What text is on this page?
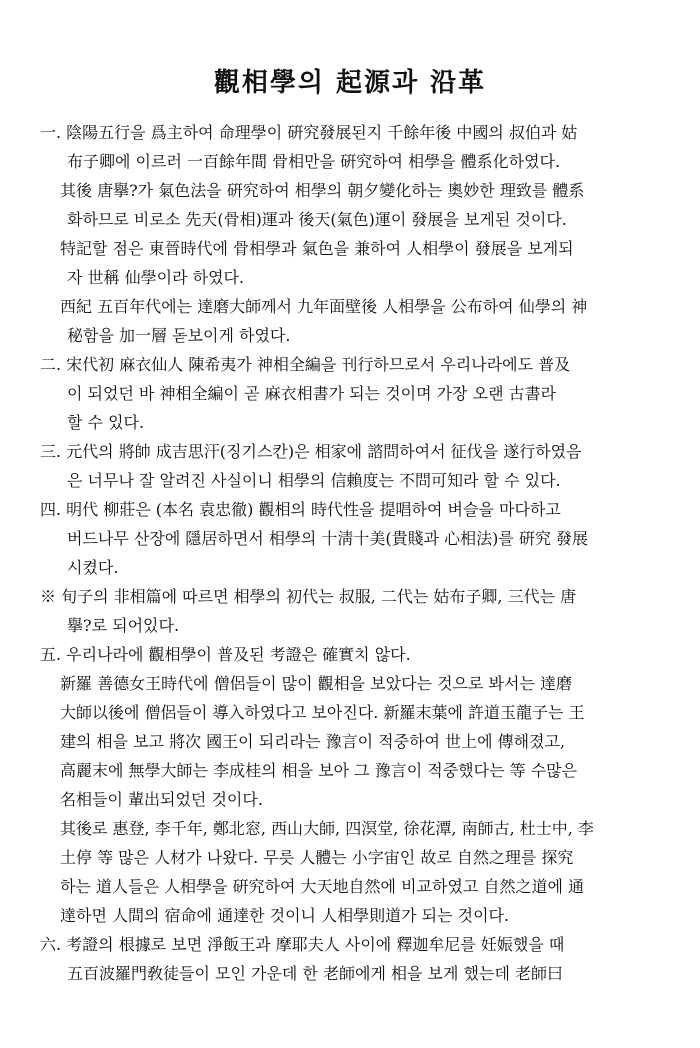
觀相學의 起源과 沿革
一. 陰陽五行을 爲主하여 命理學이 硏究發展된지 千餘年後 中國의 叔伯과 姑
布子卿에 이르러 一百餘年間 骨相만을 硏究하여 相學을 體系化하였다.
其後 唐擧?가 氣色法을 硏究하여 相學의 朝夕變化하는 奧妙한 理致를 體系
화하므로 비로소 先天(骨相)運과 後天(氣色)運이 發展을 보게된 것이다.
特記할 점은 東晉時代에 骨相學과 氣色을 兼하여 人相學이 發展을 보게되
자 世稱 仙學이라 하였다.
西紀 五百年代에는 達磨大師께서 九年面壁後 人相學을 公布하여 仙學의 神
秘함을 加一層 돋보이게 하였다.
二. 宋代初 麻衣仙人 陳希夷가 神相全編을 刊行하므로서 우리나라에도 普及
이 되었던 바 神相全編이 곧 麻衣相書가 되는 것이며 가장 오랜 古書라
할 수 있다.
三. 元代의 將帥 成吉思汗(징기스칸)은 相家에 諮問하여서 征伐을 遂行하였음
은 너무나 잘 알려진 사실이니 相學의 信賴度는 不問可知라 할 수 있다.
四. 明代 柳莊은 (本名 袁忠徹) 觀相의 時代性을 提唱하여 벼슬을 마다하고
버드나무 산장에 隱居하면서 相學의 十淸十美(貴賤과 心相法)를 硏究 發展
시켰다.
※ 旬子의 非相篇에 따르면 相學의 初代는 叔服, 二代는 姑布子卿, 三代는 唐
擧?로 되어있다.
五. 우리나라에 觀相學이 普及된 考證은 確實치 않다.
新羅 善德女王時代에 僧侶들이 많이 觀相을 보았다는 것으로 봐서는 達磨
大師以後에 僧侶들이 導入하였다고 보아진다. 新羅末葉에 許道玉龍子는 王
建의 相을 보고 將次 國王이 되리라는 豫言이 적중하여 世上에 傳해졌고,
高麗末에 無學大師는 李成桂의 相을 보아 그 豫言이 적중했다는 等 수많은
名相들이 輩出되었던 것이다.
其後로 惠登, 李千年, 鄭北窓, 西山大師, 四溟堂, 徐花潭, 南師古, 杜士中, 李
土停 等 많은 人材가 나왔다. 무릇 人體는 小字宙인 故로 自然之理를 探究
하는 道人들은 人相學을 硏究하여 大天地自然에 비교하였고 自然之道에 通
達하면 人間의 宿命에 通達한 것이니 人相學則道가 되는 것이다.
六. 考證의 根據로 보면 淨飯王과 摩耶夫人 사이에 釋迦牟尼를 妊娠했을 때
五百波羅門敎徒들이 모인 가운데 한 老師에게 相을 보게 했는데 老師曰
